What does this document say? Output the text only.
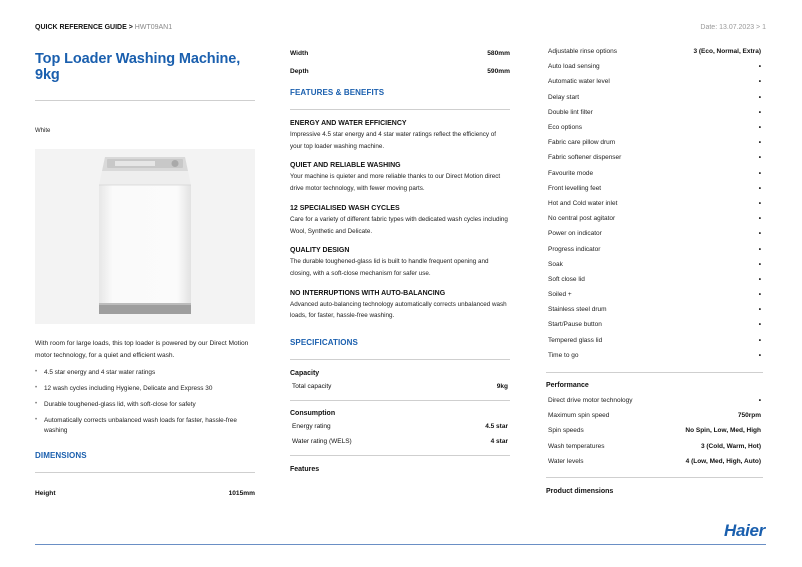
QUICK REFERENCE GUIDE > HWT09AN1	Date: 13.07.2023 > 1
Top Loader Washing Machine, 9kg
White
With room for large loads, this top loader is powered by our Direct Motion motor technology, for a quiet and efficient wash.
• 4.5 star energy and 4 star water ratings
• 12 wash cycles including Hygiene, Delicate and Express 30
• Durable toughened-glass lid, with soft-close for safety
• Automatically corrects unbalanced wash loads for faster, hassle-free washing
DIMENSIONS
Height	1015mm
Width	580mm
Depth	590mm
FEATURES & BENEFITS
ENERGY AND WATER EFFICIENCY
Impressive 4.5 star energy and 4 star water ratings reflect the efficiency of your top loader washing machine.
QUIET AND RELIABLE WASHING
Your machine is quieter and more reliable thanks to our Direct Motion direct drive motor technology, with fewer moving parts.
12 SPECIALISED WASH CYCLES
Care for a variety of different fabric types with dedicated wash cycles including Wool, Synthetic and Delicate.
QUALITY DESIGN
The durable toughened-glass lid is built to handle frequent opening and closing, with a soft-close mechanism for safer use.
NO INTERRUPTIONS WITH AUTO-BALANCING
Advanced auto-balancing technology automatically corrects unbalanced wash loads, for faster, hassle-free washing.
SPECIFICATIONS
Capacity
Total capacity	9kg
Consumption
Energy rating	4.5 star
Water rating (WELS)	4 star
Features
Adjustable rinse options	3 (Eco, Normal, Extra)
Auto load sensing	•
Automatic water level	•
Delay start	•
Double lint filter	•
Eco options	•
Fabric care pillow drum	•
Fabric softener dispenser	•
Favourite mode	•
Front levelling feet	•
Hot and Cold water inlet	•
No central post agitator	•
Power on indicator	•
Progress indicator	•
Soak	•
Soft close lid	•
Soiled +	•
Stainless steel drum	•
Start/Pause button	•
Tempered glass lid	•
Time to go	•
Performance
Direct drive motor technology	•
Maximum spin speed	750rpm
Spin speeds	No Spin, Low, Med, High
Wash temperatures	3 (Cold, Warm, Hot)
Water levels	4 (Low, Med, High, Auto)
Product dimensions
Haier
